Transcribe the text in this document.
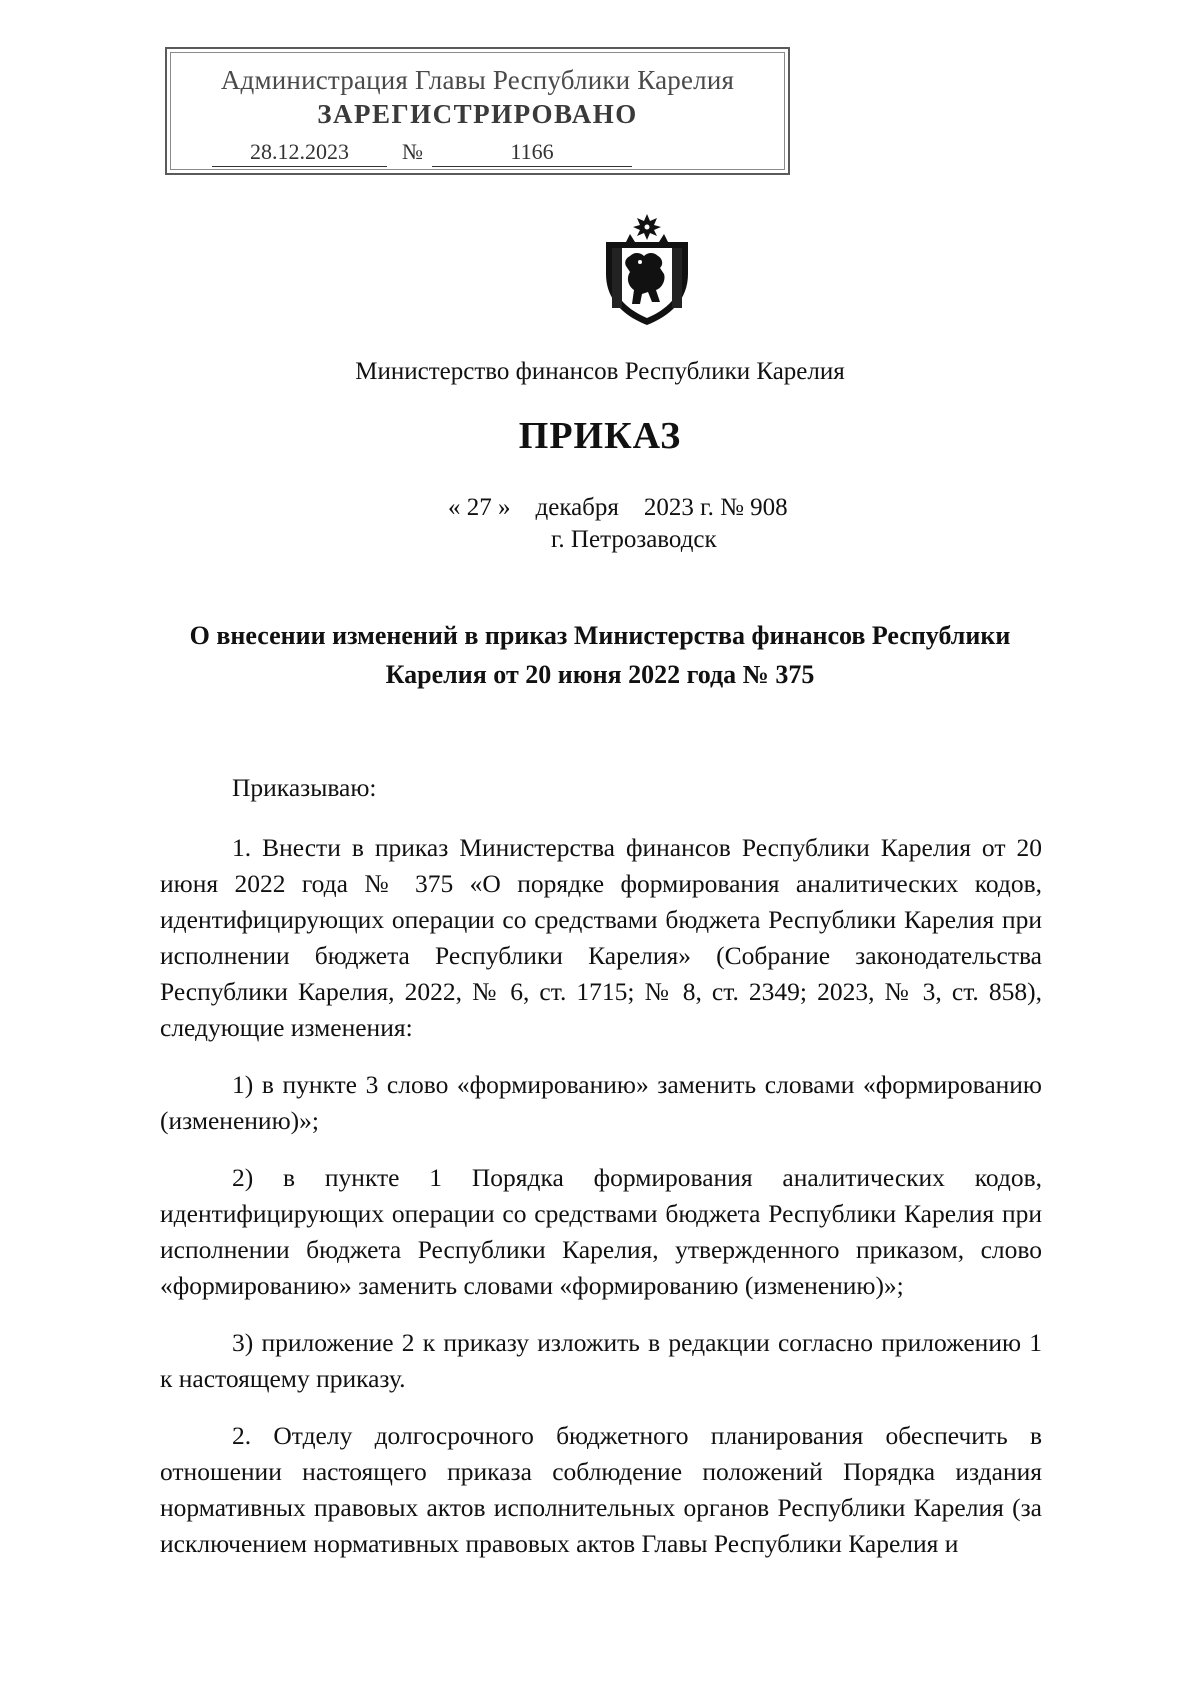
Администрация Главы Республики Карелия
ЗАРЕГИСТРИРОВАНО
28.12.2023	№	1166
Министерство финансов Республики Карелия
ПРИКАЗ
« 27 »    декабря    2023 г. № 908
г. Петрозаводск
О внесении изменений в приказ Министерства финансов Республики
Карелия от 20 июня 2022 года № 375

Приказываю:

1. Внести в приказ Министерства финансов Республики Карелия от 20 июня 2022 года № 375 «О порядке формирования аналитических кодов, идентифицирующих операции со средствами бюджета Республики Карелия при исполнении бюджета Республики Карелия» (Собрание законодательства Республики Карелия, 2022, № 6, ст. 1715; № 8, ст. 2349; 2023, № 3, ст. 858), следующие изменения:

1) в пункте 3 слово «формированию» заменить словами «формированию (изменению)»;

2) в пункте 1 Порядка формирования аналитических кодов, идентифицирующих операции со средствами бюджета Республики Карелия при исполнении бюджета Республики Карелия, утвержденного приказом, слово «формированию» заменить словами «формированию (изменению)»;

3) приложение 2 к приказу изложить в редакции согласно приложению 1 к настоящему приказу.

2. Отделу долгосрочного бюджетного планирования обеспечить в отношении настоящего приказа соблюдение положений Порядка издания нормативных правовых актов исполнительных органов Республики Карелия (за исключением нормативных правовых актов Главы Республики Карелия и
